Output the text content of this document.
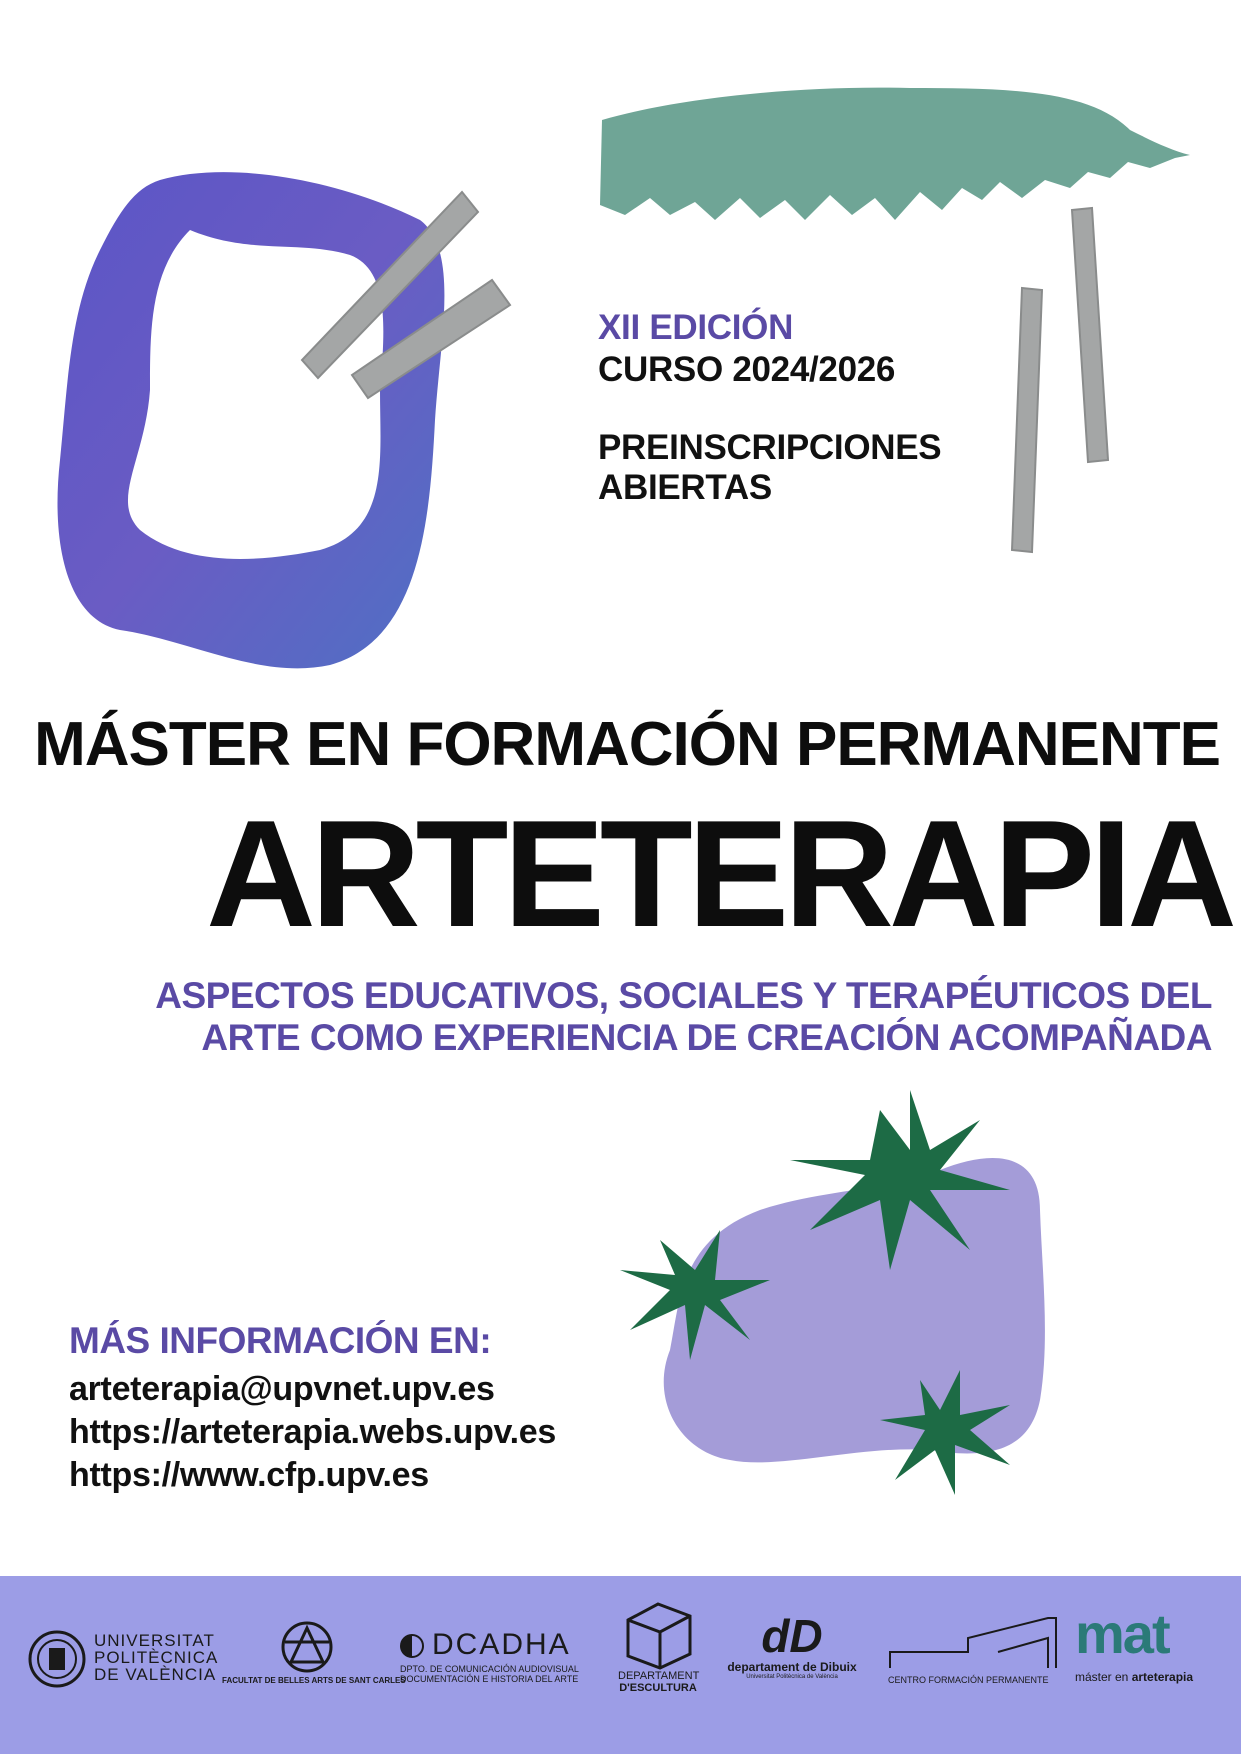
XII EDICIÓN
CURSO 2024/2026
PREINSCRIPCIONES
ABIERTAS
MÁSTER EN FORMACIÓN PERMANENTE
ARTETERAPIA
ASPECTOS EDUCATIVOS, SOCIALES Y TERAPÉUTICOS DEL
ARTE COMO EXPERIENCIA DE CREACIÓN ACOMPAÑADA
MÁS INFORMACIÓN EN:
arteterapia@upvnet.upv.es
https://arteterapia.webs.upv.es
https://www.cfp.upv.es
UNIVERSITAT
POLITÈCNICA
DE VALÈNCIA FACULTAT DE BELLES ARTS DE SANT CARLES
DCADHA
DPTO. DE COMUNICACIÓN AUDIOVISUAL
DOCUMENTACIÓN E HISTORIA DEL ARTE	DEPARTAMENT
D'ESCULTURA
dD
departament de Dibuix
Universitat Politècnica de València	CENTRO FORMACIÓN PERMANENTE
mat
máster en arteterapia
